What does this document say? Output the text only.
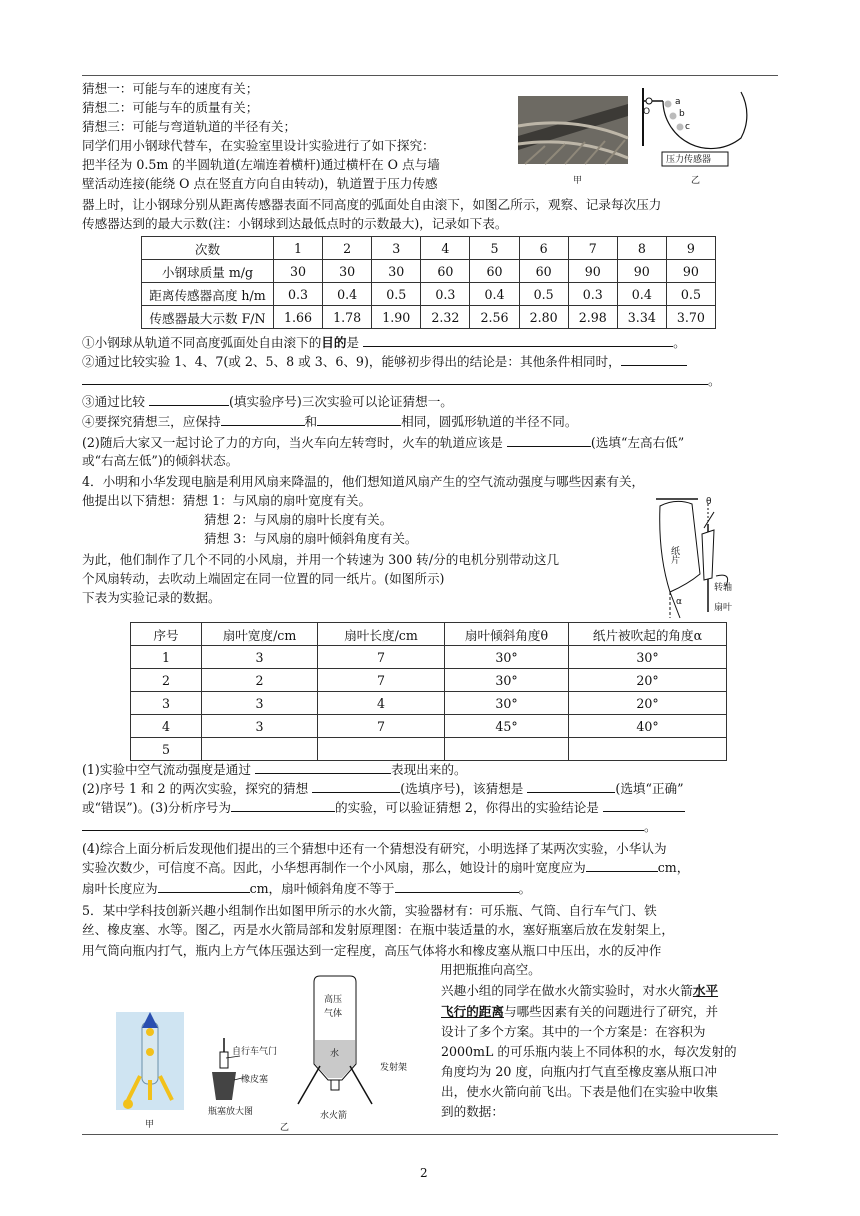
猜想一：可能与车的速度有关；
猜想二：可能与车的质量有关；
猜想三：可能与弯道轨道的半径有关；
同学们用小钢球代替车，在实验室里设计实验进行了如下探究：
把半径为 0.5m 的半圆轨道(左端连着横杆)通过横杆在 O 点与墙
壁活动连接(能绕 O 点在竖直方向自由转动)，轨道置于压力传感
器上时，让小钢球分别从距离传感器表面不同高度的弧面处自由滚下，如图乙所示，观察、记录每次压力
传感器达到的最大示数(注：小钢球到达最低点时的示数最大)，记录如下表。
甲
O
a
b
c
压力传感器
乙
次数	1	2	3	4	5	6	7	8	9
小钢球质量 m/g	30	30	30	60	60	60	90	90	90
距离传感器高度 h/m	0.3	0.4	0.5	0.3	0.4	0.5	0.3	0.4	0.5
传感器最大示数 F/N	1.66	1.78	1.90	2.32	2.56	2.80	2.98	3.34	3.70
①小钢球从轨道不同高度弧面处自由滚下的目的是	。
②通过比较实验 1、4、7(或 2、5、8 或 3、6、9)，能够初步得出的结论是：其他条件相同时，
。
③通过比较	(填实验序号)三次实验可以论证猜想一。
④要探究猜想三，应保持	和	相同，圆弧形轨道的半径不同。
(2)随后大家又一起讨论了力的方向，当火车向左转弯时，火车的轨道应该是	(选填“左高右低”
或“右高左低”)的倾斜状态。
4．小明和小华发现电脑是利用风扇来降温的，他们想知道风扇产生的空气流动强度与哪些因素有关，
他提出以下猜想：猜想 1：与风扇的扇叶宽度有关。
猜想 2：与风扇的扇叶长度有关。
猜想 3：与风扇的扇叶倾斜角度有关。
为此，他们制作了几个不同的小风扇，并用一个转速为 300 转/分的电机分别带动这几
个风扇转动，去吹动上端固定在同一位置的同一纸片。(如图所示)
下表为实验记录的数据。
纸片
α
θ
转轴
扇叶
序号	扇叶宽度/cm	扇叶长度/cm	扇叶倾斜角度θ	纸片被吹起的角度α
1	3	7	30°	30°
2	2	7	30°	20°
3	3	4	30°	20°
4	3	7	45°	40°
5				
(1)实验中空气流动强度是通过	表现出来的。
(2)序号 1 和 2 的两次实验，探究的猜想	(选填序号)，该猜想是	(选填“正确”
或“错误”)。(3)分析序号为	的实验，可以验证猜想 2，你得出的实验结论是
。
(4)综合上面分析后发现他们提出的三个猜想中还有一个猜想没有研究，小明选择了某两次实验，小华认为
实验次数少，可信度不高。因此，小华想再制作一个小风扇，那么，她设计的扇叶宽度应为	cm，
扇叶长度应为	cm，扇叶倾斜角度不等于	。
5．某中学科技创新兴趣小组制作出如图甲所示的水火箭，实验器材有：可乐瓶、气筒、自行车气门、铁
丝、橡皮塞、水等。图乙，丙是水火箭局部和发射原理图：在瓶中装适量的水，塞好瓶塞后放在发射架上，
用气筒向瓶内打气，瓶内上方气体压强达到一定程度，高压气体将水和橡皮塞从瓶口中压出，水的反冲作
用把瓶推向高空。
兴趣小组的同学在做水火箭实验时，对水火箭水平
飞行的距离与哪些因素有关的问题进行了研究，并
设计了多个方案。其中的一个方案是：在容积为
2000mL 的可乐瓶内装上不同体积的水，每次发射的
角度均为 20 度，向瓶内打气直至橡皮塞从瓶口冲
出，使水火箭向前飞出。下表是他们在实验中收集
到的数据：
甲
自行车气门
橡皮塞
瓶塞放大图
乙
高压
气体
水
发射架
水火箭
2
